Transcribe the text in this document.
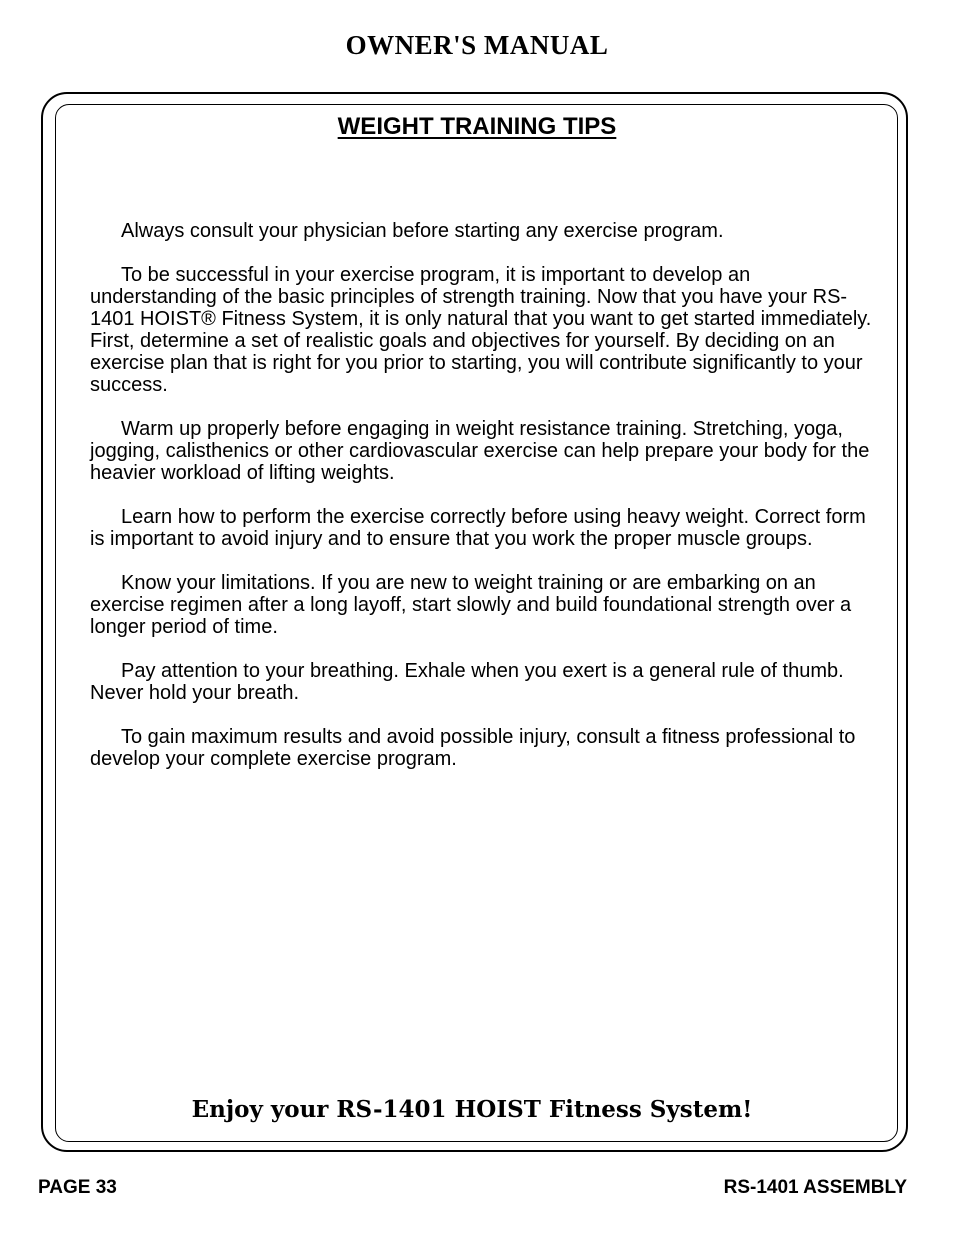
OWNER'S MANUAL
WEIGHT TRAINING TIPS

Always consult your physician before starting any exercise program.

To be successful in your exercise program, it is important to develop an understanding of the basic principles of strength training. Now that you have your RS-1401 HOIST® Fitness System, it is only natural that you want to get started immediately. First, determine a set of realistic goals and objectives for yourself. By deciding on an exercise plan that is right for you prior to starting, you will contribute significantly to your success.

Warm up properly before engaging in weight resistance training. Stretching, yoga, jogging, calisthenics or other cardiovascular exercise can help prepare your body for the heavier workload of lifting weights.

Learn how to perform the exercise correctly before using heavy weight. Correct form is important to avoid injury and to ensure that you work the proper muscle groups.

Know your limitations. If you are new to weight training or are embarking on an exercise regimen after a long layoff, start slowly and build foundational strength over a longer period of time.

Pay attention to your breathing. Exhale when you exert is a general rule of thumb. Never hold your breath.

To gain maximum results and avoid possible injury, consult a fitness professional to develop your complete exercise program.

Enjoy your RS-1401 HOIST Fitness System!
PAGE 33	RS-1401 ASSEMBLY
